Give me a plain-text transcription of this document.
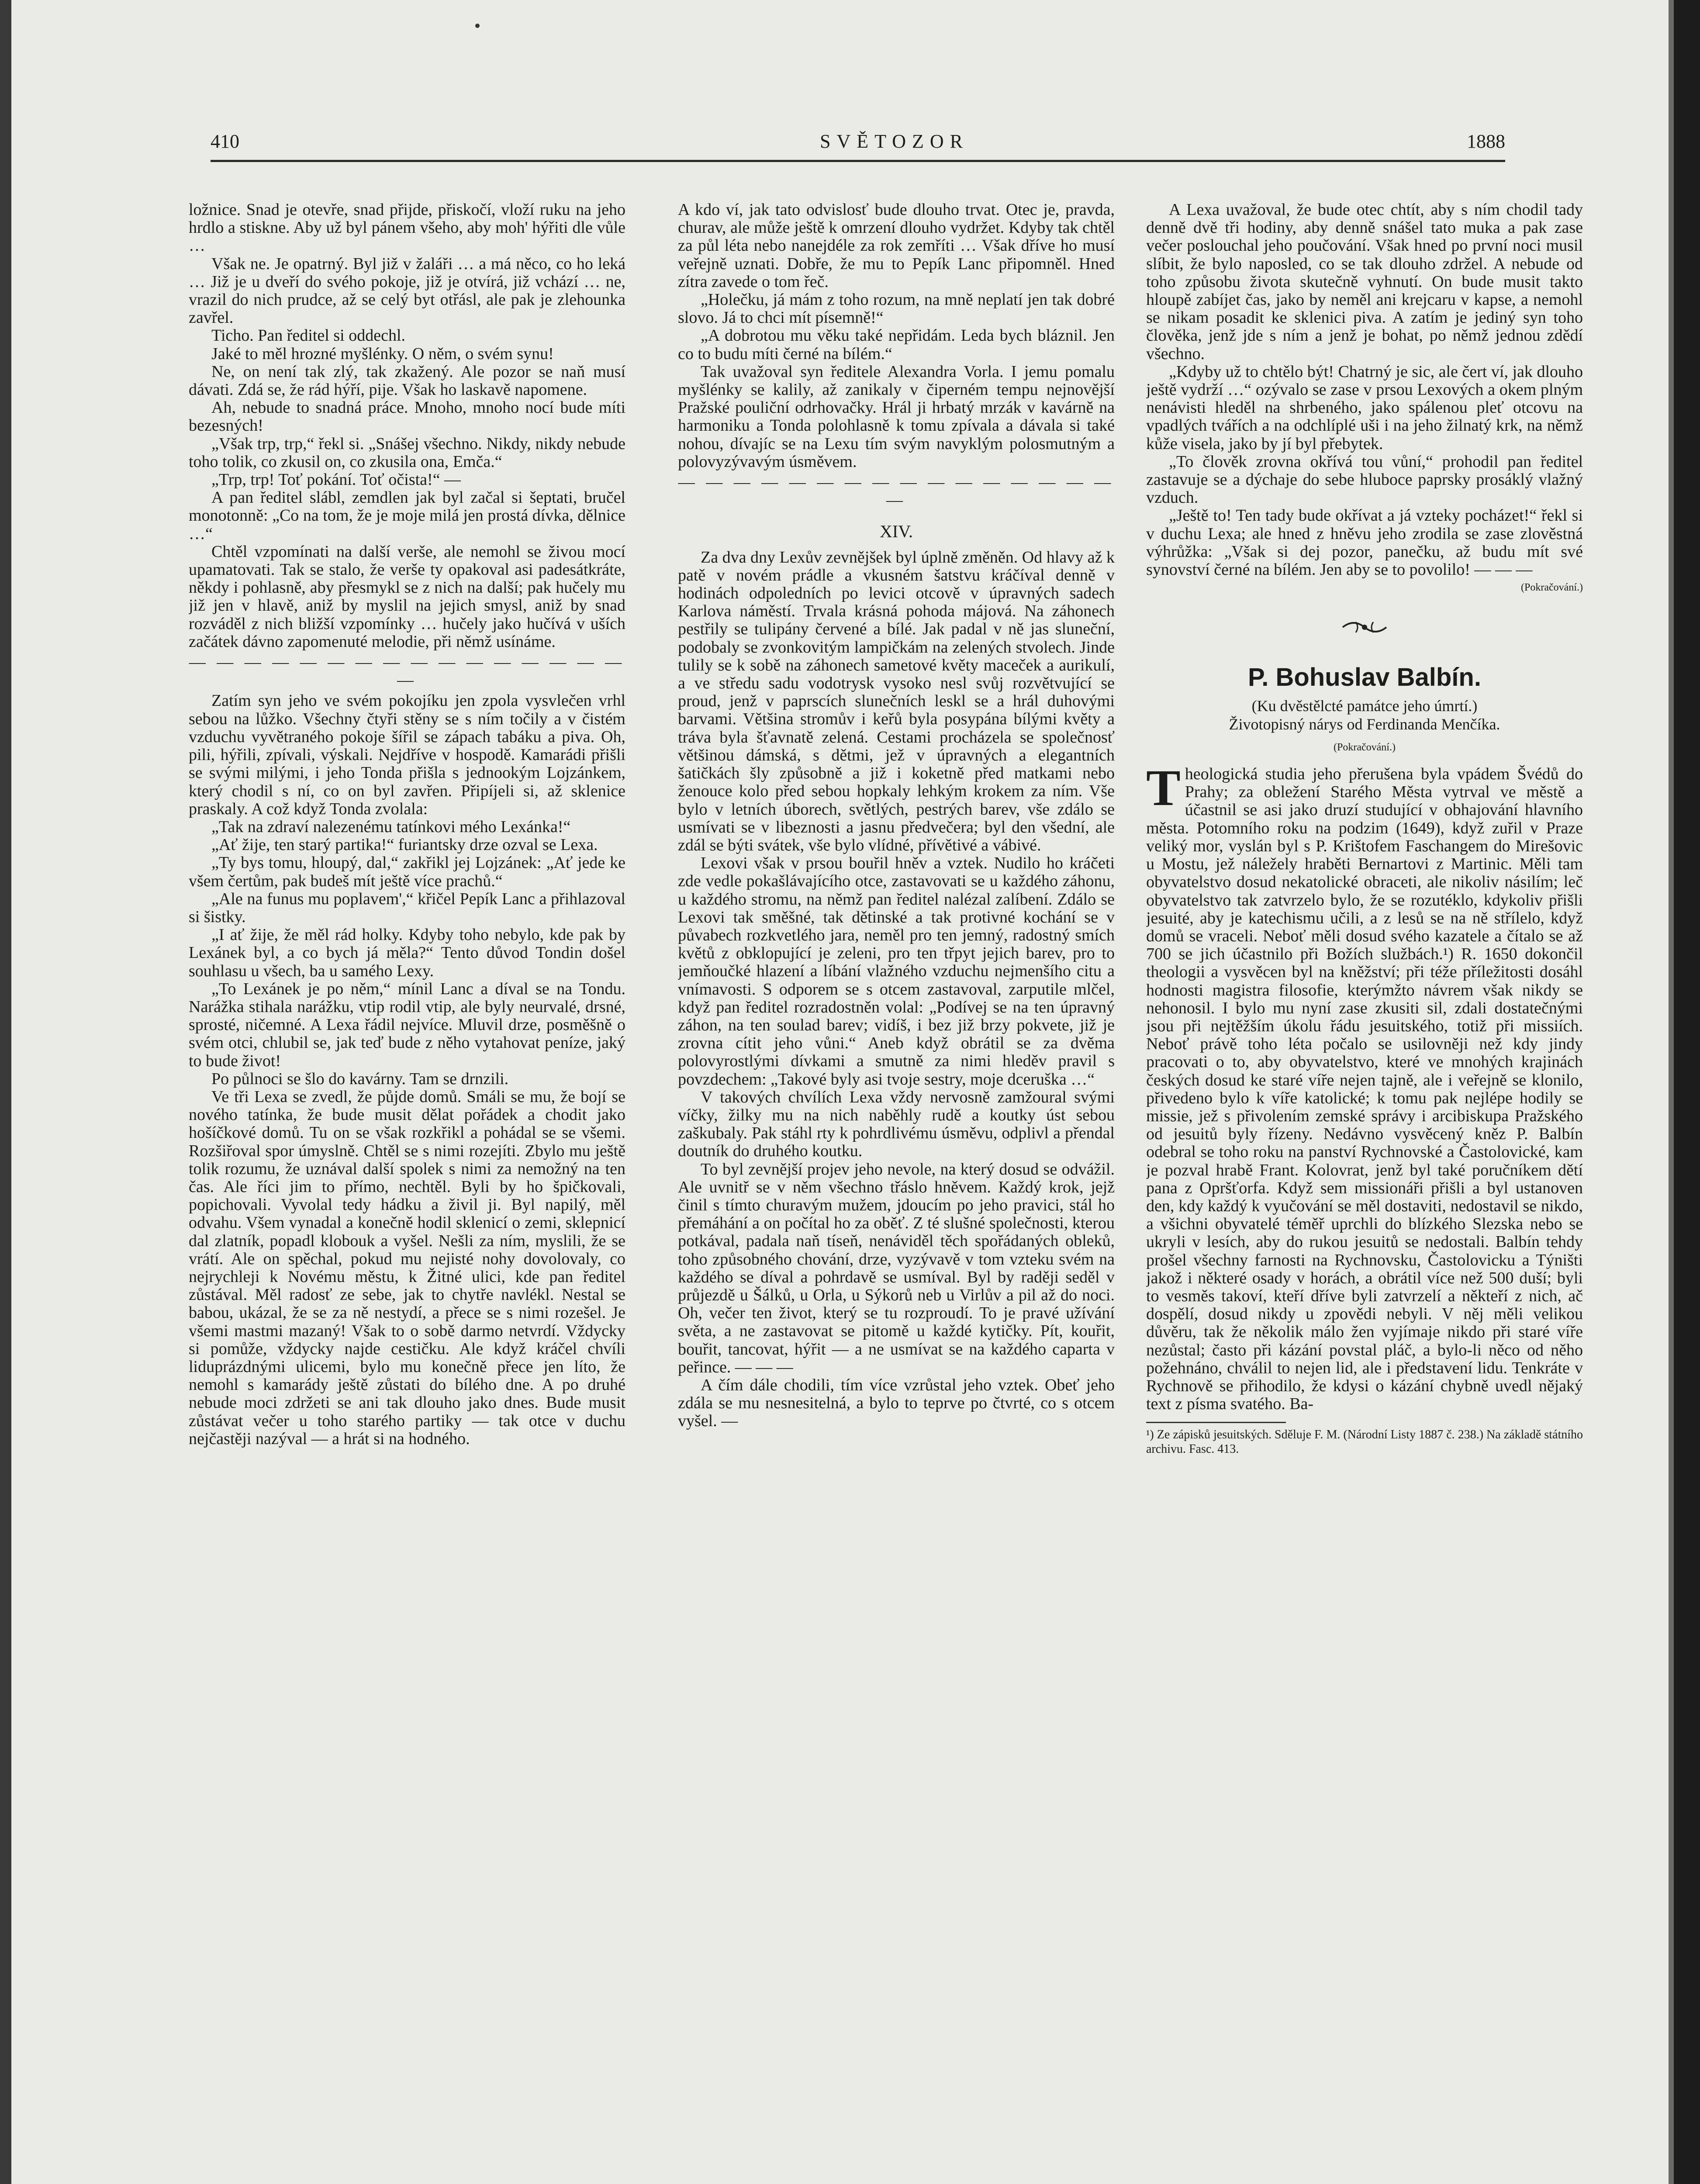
410	SVĚTOZOR	1888

ložnice. Snad je otevře, snad přijde, přiskočí, vloží ruku na jeho hrdlo a stiskne. Aby už byl pánem všeho, aby moh' hýřiti dle vůle …

Však ne. Je opatrný. Byl již v žaláři … a má něco, co ho leká … Již je u dveří do svého pokoje, již je otvírá, již vchází … ne, vrazil do nich prudce, až se celý byt otřásl, ale pak je zlehounka zavřel.

Ticho. Pan ředitel si oddechl.

Jaké to měl hrozné myšlénky. O něm, o svém synu!

Ne, on není tak zlý, tak zkažený. Ale pozor se naň musí dávati. Zdá se, že rád hýří, pije. Však ho laskavě napomene.

Ah, nebude to snadná práce. Mnoho, mnoho nocí bude míti bezesných!

„Však trp, trp,“ řekl si. „Snášej všechno. Nikdy, nikdy nebude toho tolik, co zkusil on, co zkusila ona, Emča.“

„Trp, trp! Toť pokání. Toť očista!“ —

A pan ředitel slábl, zemdlen jak byl začal si šeptati, bručel monotonně: „Co na tom, že je moje milá jen prostá dívka, dělnice …“

Chtěl vzpomínati na další verše, ale nemohl se živou mocí upamatovati. Tak se stalo, že verše ty opakoval asi padesátkráte, někdy i pohlasně, aby přesmykl se z nich na další; pak hučely mu již jen v hlavě, aniž by myslil na jejich smysl, aniž by snad rozváděl z nich bližší vzpomínky … hučely jako hučívá v uších začátek dávno zapomenuté melodie, při němž usínáme.

— — — — — — — — — — — — — — — — —

Zatím syn jeho ve svém pokojíku jen zpola vysvlečen vrhl sebou na lůžko. Všechny čtyři stěny se s ním točily a v čistém vzduchu vyvětraného pokoje šířil se zápach tabáku a piva. Oh, pili, hýřili, zpívali, výskali. Nejdříve v hospodě. Kamarádi přišli se svými milými, i jeho Tonda přišla s jednookým Lojzánkem, který chodil s ní, co on byl zavřen. Připíjeli si, až sklenice praskaly. A což když Tonda zvolala:

„Tak na zdraví nalezenému tatínkovi mého Lexánka!“

„Ať žije, ten starý partika!“ furiantsky drze ozval se Lexa.

„Ty bys tomu, hloupý, dal,“ zakřikl jej Lojzánek: „Ať jede ke všem čertům, pak budeš mít ještě více prachů.“

„Ale na funus mu poplavem',“ křičel Pepík Lanc a přihlazoval si šistky.

„I ať žije, že měl rád holky. Kdyby toho nebylo, kde pak by Lexánek byl, a co bych já měla?“ Tento důvod Tondin došel souhlasu u všech, ba u samého Lexy.

„To Lexánek je po něm,“ mínil Lanc a díval se na Tondu. Narážka stihala narážku, vtip rodil vtip, ale byly neurvalé, drsné, sprosté, ničemné. A Lexa řádil nejvíce. Mluvil drze, posměšně o svém otci, chlubil se, jak teď bude z něho vytahovat peníze, jaký to bude život!

Po půlnoci se šlo do kavárny. Tam se drnzili.

Ve tři Lexa se zvedl, že půjde domů. Smáli se mu, že bojí se nového tatínka, že bude musit dělat pořádek a chodit jako hošíčkové domů. Tu on se však rozkřikl a pohádal se se všemi. Rozšiřoval spor úmyslně. Chtěl se s nimi rozejíti. Zbylo mu ještě tolik rozumu, že uznával další spolek s nimi za nemožný na ten čas. Ale říci jim to přímo, nechtěl. Byli by ho špičkovali, popichovali. Vyvolal tedy hádku a živil ji. Byl napilý, měl odvahu. Všem vynadal a konečně hodil sklenicí o zemi, sklepnicí dal zlatník, popadl klobouk a vyšel. Nešli za ním, myslili, že se vrátí. Ale on spěchal, pokud mu nejisté nohy dovolovaly, co nejrychleji k Novému městu, k Žitné ulici, kde pan ředitel zůstával. Měl radosť ze sebe, jak to chytře navlékl. Nestal se babou, ukázal, že se za ně nestydí, a přece se s nimi rozešel. Je všemi mastmi mazaný! Však to o sobě darmo netvrdí. Vždycky si pomůže, vždycky najde cestičku. Ale když kráčel chvíli liduprázdnými ulicemi, bylo mu konečně přece jen líto, že nemohl s kamarády ještě zůstati do bílého dne. A po druhé nebude moci zdržeti se ani tak dlouho jako dnes. Bude musit zůstávat večer u toho starého partiky — tak otce v duchu nejčastěji nazýval — a hrát si na hodného.

A kdo ví, jak tato odvislosť bude dlouho trvat. Otec je, pravda, churav, ale může ještě k omrzení dlouho vydržet. Kdyby tak chtěl za půl léta nebo nanejdéle za rok zemříti … Však dříve ho musí veřejně uznati. Dobře, že mu to Pepík Lanc připomněl. Hned zítra zavede o tom řeč.

„Holečku, já mám z toho rozum, na mně neplatí jen tak dobré slovo. Já to chci mít písemně!“

„A dobrotou mu věku také nepřidám. Leda bych bláznil. Jen co to budu míti černé na bílém.“

Tak uvažoval syn ředitele Alexandra Vorla. I jemu pomalu myšlénky se kalily, až zanikaly v čiperném tempu nejnovější Pražské pouliční odrhovačky. Hrál ji hrbatý mrzák v kavárně na harmoniku a Tonda polohlasně k tomu zpívala a dávala si také nohou, dívajíc se na Lexu tím svým navyklým polosmutným a polovyzývavým úsměvem.

— — — — — — — — — — — — — — — — —

XIV.

Za dva dny Lexův zevnějšek byl úplně změněn. Od hlavy až k patě v novém prádle a vkusném šatstvu kráčíval denně v hodinách odpoledních po levici otcově v úpravných sadech Karlova náměstí. Trvala krásná pohoda májová. Na záhonech pestřily se tulipány červené a bílé. Jak padal v ně jas sluneční, podobaly se zvonkovitým lampičkám na zelených stvolech. Jinde tulily se k sobě na záhonech sametové květy maceček a aurikulí, a ve středu sadu vodotrysk vysoko nesl svůj rozvětvující se proud, jenž v paprscích slunečních leskl se a hrál duhovými barvami. Většina stromův i keřů byla posypána bílými květy a tráva byla šťavnatě zelená. Cestami procházela se společnosť většinou dámská, s dětmi, jež v úpravných a elegantních šatičkách šly způsobně a již i koketně před matkami nebo ženouce kolo před sebou hopkaly lehkým krokem za ním. Vše bylo v letních úborech, světlých, pestrých barev, vše zdálo se usmívati se v libeznosti a jasnu předvečera; byl den všední, ale zdál se býti svátek, vše bylo vlídné, přívětivé a vábivé.

Lexovi však v prsou bouřil hněv a vztek. Nudilo ho kráčeti zde vedle pokašlávajícího otce, zastavovati se u každého záhonu, u každého stromu, na němž pan ředitel nalézal zalíbení. Zdálo se Lexovi tak směšné, tak dětinské a tak protivné kochání se v půvabech rozkvetlého jara, neměl pro ten jemný, radostný smích květů z obklopující je zeleni, pro ten třpyt jejich barev, pro to jemňoučké hlazení a líbání vlažného vzduchu nejmenšího citu a vnímavosti. S odporem se s otcem zastavoval, zarputile mlčel, když pan ředitel rozradostněn volal: „Podívej se na ten úpravný záhon, na ten soulad barev; vidíš, i bez již brzy pokvete, již je zrovna cítit jeho vůni.“ Aneb když obrátil se za dvěma polovyrostlými dívkami a smutně za nimi hleděv pravil s povzdechem: „Takové byly asi tvoje sestry, moje dceruška …“

V takových chvílích Lexa vždy nervosně zamžoural svými víčky, žilky mu na nich naběhly rudě a koutky úst sebou zaškubaly. Pak stáhl rty k pohrdlivému úsměvu, odplivl a přendal doutník do druhého koutku.

To byl zevnější projev jeho nevole, na který dosud se odvážil. Ale uvnitř se v něm všechno třáslo hněvem. Každý krok, jejž činil s tímto churavým mužem, jdoucím po jeho pravici, stál ho přemáhání a on počítal ho za oběť. Z té slušné společnosti, kterou potkával, padala naň tíseň, nenáviděl těch spořádaných obleků, toho způsobného chování, drze, vyzývavě v tom vzteku svém na každého se díval a pohrdavě se usmíval. Byl by raději seděl v průjezdě u Šálků, u Orla, u Sýkorů neb u Virlův a pil až do noci. Oh, večer ten život, který se tu rozproudí. To je pravé užívání světa, a ne zastavovat se pitomě u každé kytičky. Pít, kouřit, bouřit, tancovat, hýřit — a ne usmívat se na každého caparta v peřince. — — —

A čím dále chodili, tím více vzrůstal jeho vztek. Obeť jeho zdála se mu nesnesitelná, a bylo to teprve po čtvrté, co s otcem vyšel. —

A Lexa uvažoval, že bude otec chtít, aby s ním chodil tady denně dvě tři hodiny, aby denně snášel tato muka a pak zase večer poslouchal jeho poučování. Však hned po první noci musil slíbit, že bylo naposled, co se tak dlouho zdržel. A nebude od toho způsobu života skutečně vyhnutí. On bude musit takto hloupě zabíjet čas, jako by neměl ani krejcaru v kapse, a nemohl se nikam posadit ke sklenici piva. A zatím je jediný syn toho člověka, jenž jde s ním a jenž je bohat, po němž jednou zdědí všechno.

„Kdyby už to chtělo být! Chatrný je sic, ale čert ví, jak dlouho ještě vydrží …“ ozývalo se zase v prsou Lexových a okem plným nenávisti hleděl na shrbeného, jako spálenou pleť otcovu na vpadlých tvářích a na odchlíplé uši i na jeho žilnatý krk, na němž kůže visela, jako by jí byl přebytek.

„To člověk zrovna okřívá tou vůní,“ prohodil pan ředitel zastavuje se a dýchaje do sebe hluboce paprsky prosáklý vlažný vzduch.

„Ještě to! Ten tady bude okřívat a já vzteky pocházet!“ řekl si v duchu Lexa; ale hned z hněvu jeho zrodila se zase zlověstná výhrůžka: „Však si dej pozor, panečku, až budu mít své synovství černé na bílém. Jen aby se to povolilo! — — —

(Pokračování.)

P. Bohuslav Balbín.

(Ku dvěstělcté památce jeho úmrtí.)

Životopisný nárys od Ferdinanda Menčíka.

(Pokračování.)

Theologická studia jeho přerušena byla vpádem Švédů do Prahy; za obležení Starého Města vytrval ve městě a účastnil se asi jako druzí studující v obhajování hlavního města. Potomního roku na podzim (1649), když zuřil v Praze veliký mor, vyslán byl s P. Krištofem Faschangem do Mirešovic u Mostu, jež náležely hraběti Bernartovi z Martinic. Měli tam obyvatelstvo dosud nekatolické obraceti, ale nikoliv násilím; leč obyvatelstvo tak zatvrzelo bylo, že se rozutéklo, kdykoliv přišli jesuité, aby je katechismu učili, a z lesů se na ně střílelo, když domů se vraceli. Neboť měli dosud svého kazatele a čítalo se až 700 se jich účastnilo při Božích službách.¹) R. 1650 dokončil theologii a vysvěcen byl na kněžství; při téže příležitosti dosáhl hodnosti magistra filosofie, kterýmžto návrem však nikdy se nehonosil. I bylo mu nyní zase zkusiti sil, zdali dostatečnými jsou při nejtěžším úkolu řádu jesuitského, totiž při missiích. Neboť právě toho léta počalo se usilovněji než kdy jindy pracovati o to, aby obyvatelstvo, které ve mnohých krajinách českých dosud ke staré víře nejen tajně, ale i veřejně se klonilo, přivedeno bylo k víře katolické; k tomu pak nejlépe hodily se missie, jež s přivolením zemské správy i arcibiskupa Pražského od jesuitů byly řízeny. Nedávno vysvěcený kněz P. Balbín odebral se toho roku na panství Rychnovské a Častolovické, kam je pozval hrabě Frant. Kolovrat, jenž byl také poručníkem dětí pana z Opršťorfa. Když sem missionáři přišli a byl ustanoven den, kdy každý k vyučování se měl dostaviti, nedostavil se nikdo, a všichni obyvatelé téměř uprchli do blízkého Slezska nebo se ukryli v lesích, aby do rukou jesuitů se nedostali. Balbín tehdy prošel všechny farnosti na Rychnovsku, Častolovicku a Týništi jakož i některé osady v horách, a obrátil více než 500 duší; byli to vesměs takoví, kteří dříve byli zatvrzelí a někteří z nich, ač dospělí, dosud nikdy u zpovědi nebyli. V něj měli velikou důvěru, tak že několik málo žen vyjímaje nikdo při staré víře nezůstal; často při kázání povstal pláč, a bylo-li něco od něho požehnáno, chválil to nejen lid, ale i představení lidu. Tenkráte v Rychnově se přihodilo, že kdysi o kázání chybně uvedl nějaký text z písma svatého. Ba-

¹) Ze zápisků jesuitských. Sděluje F. M. (Národní Listy 1887 č. 238.) Na základě státního archivu. Fasc. 413.
